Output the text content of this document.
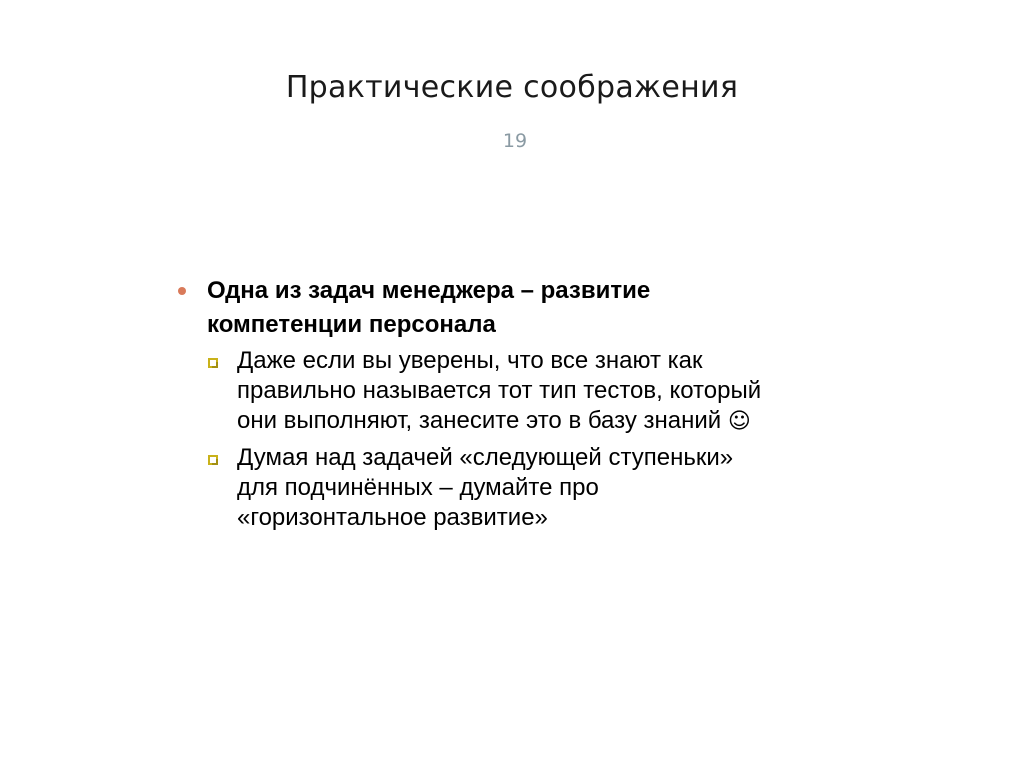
Практические соображения
19
Одна из задач менеджера – развитие
компетенции персонала
Даже если вы уверены, что все знают как
правильно называется тот тип тестов, который
они выполняют, занесите это в базу знаний ☺
Думая над задачей «следующей ступеньки»
для подчинённых – думайте про
«горизонтальное развитие»
